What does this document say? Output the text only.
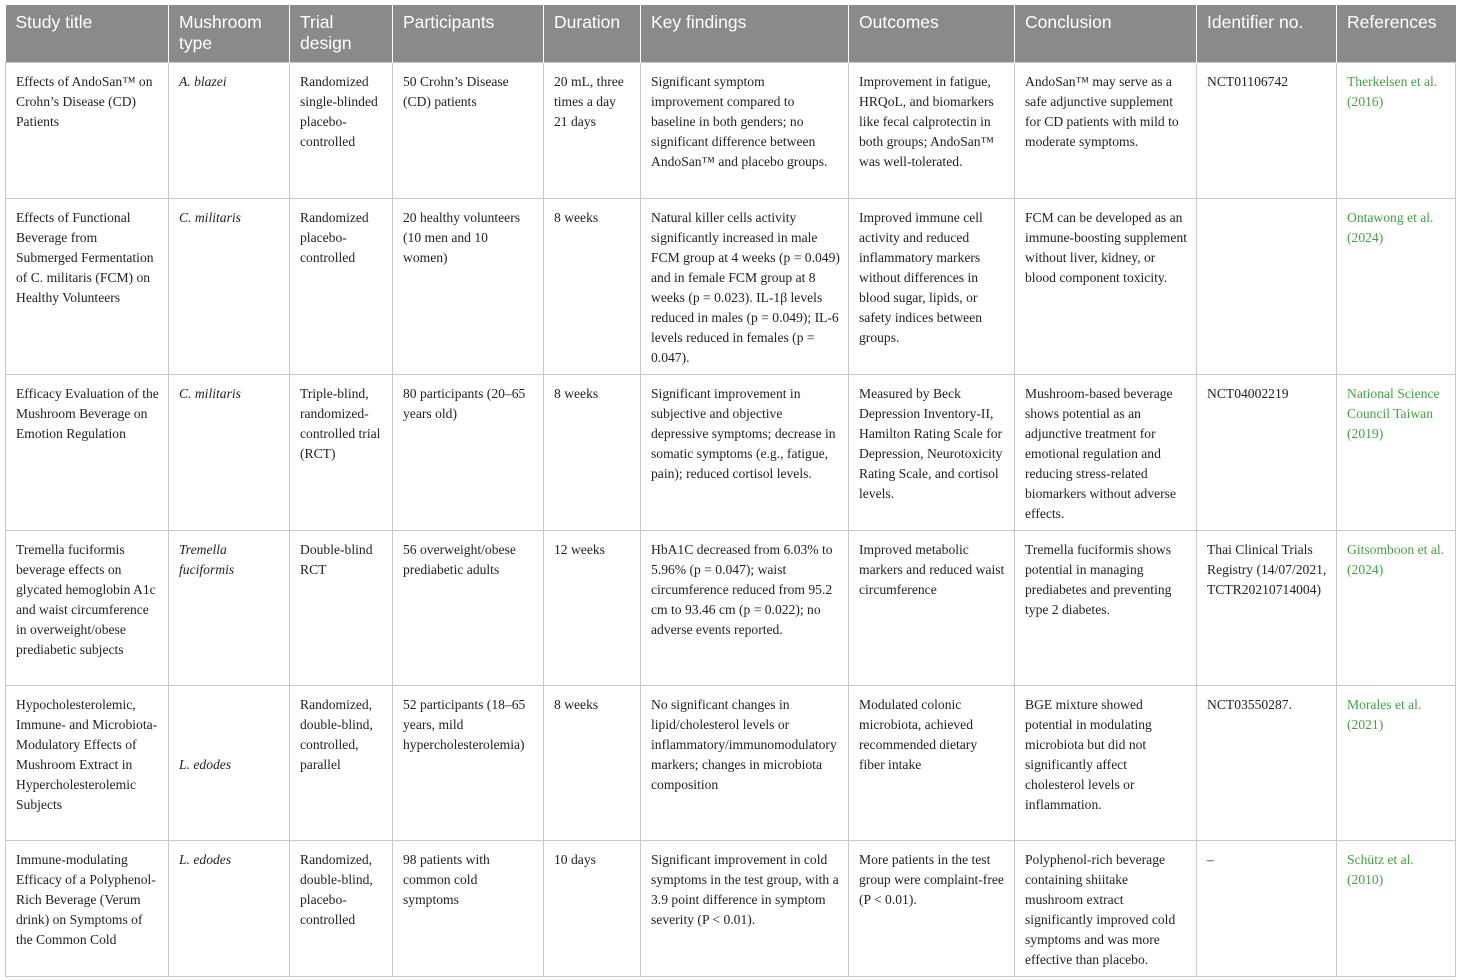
Study title	Mushroom type	Trial design	Participants	Duration	Key findings	Outcomes	Conclusion	Identifier no.	References
Effects of AndoSan™ on Crohn’s Disease (CD) Patients	A. blazei	Randomized single-blinded placebo-controlled	50 Crohn’s Disease (CD) patients	20 mL, three times a day 21 days	Significant symptom improvement compared to baseline in both genders; no significant difference between AndoSan™ and placebo groups.	Improvement in fatigue, HRQoL, and biomarkers like fecal calprotectin in both groups; AndoSan™ was well-tolerated.	AndoSan™ may serve as a safe adjunctive supplement for CD patients with mild to moderate symptoms.	NCT01106742	Therkelsen et al. (2016)
Effects of Functional Beverage from Submerged Fermentation of C. militaris (FCM) on Healthy Volunteers	C. militaris	Randomized placebo-controlled	20 healthy volunteers (10 men and 10 women)	8 weeks	Natural killer cells activity significantly increased in male FCM group at 4 weeks (p = 0.049) and in female FCM group at 8 weeks (p = 0.023). IL-1β levels reduced in males (p = 0.049); IL-6 levels reduced in females (p = 0.047).	Improved immune cell activity and reduced inflammatory markers without differences in blood sugar, lipids, or safety indices between groups.	FCM can be developed as an immune-boosting supplement without liver, kidney, or blood component toxicity.		Ontawong et al. (2024)
Efficacy Evaluation of the Mushroom Beverage on Emotion Regulation	C. militaris	Triple-blind, randomized-controlled trial (RCT)	80 participants (20–65 years old)	8 weeks	Significant improvement in subjective and objective depressive symptoms; decrease in somatic symptoms (e.g., fatigue, pain); reduced cortisol levels.	Measured by Beck Depression Inventory-II, Hamilton Rating Scale for Depression, Neurotoxicity Rating Scale, and cortisol levels.	Mushroom-based beverage shows potential as an adjunctive treatment for emotional regulation and reducing stress-related biomarkers without adverse effects.	NCT04002219	National Science Council Taiwan (2019)
Tremella fuciformis beverage effects on glycated hemoglobin A1c and waist circumference in overweight/obese prediabetic subjects	Tremella fuciformis	Double-blind RCT	56 overweight/obese prediabetic adults	12 weeks	HbA1C decreased from 6.03% to 5.96% (p = 0.047); waist circumference reduced from 95.2 cm to 93.46 cm (p = 0.022); no adverse events reported.	Improved metabolic markers and reduced waist circumference	Tremella fuciformis shows potential in managing prediabetes and preventing type 2 diabetes.	Thai Clinical Trials Registry (14/07/2021, TCTR20210714004)	Gitsomboon et al. (2024)
Hypocholesterolemic, Immune- and Microbiota-Modulatory Effects of Mushroom Extract in Hypercholesterolemic Subjects	L. edodes	Randomized, double-blind, controlled, parallel	52 participants (18–65 years, mild hypercholesterolemia)	8 weeks	No significant changes in lipid/cholesterol levels or inflammatory/immunomodulatory markers; changes in microbiota composition	Modulated colonic microbiota, achieved recommended dietary fiber intake	BGE mixture showed potential in modulating microbiota but did not significantly affect cholesterol levels or inflammation.	NCT03550287.	Morales et al. (2021)
Immune-modulating Efficacy of a Polyphenol-Rich Beverage (Verum drink) on Symptoms of the Common Cold	L. edodes	Randomized, double-blind, placebo-controlled	98 patients with common cold symptoms	10 days	Significant improvement in cold symptoms in the test group, with a 3.9 point difference in symptom severity (P < 0.01).	More patients in the test group were complaint-free (P < 0.01).	Polyphenol-rich beverage containing shiitake mushroom extract significantly improved cold symptoms and was more effective than placebo.	–	Schütz et al. (2010)
